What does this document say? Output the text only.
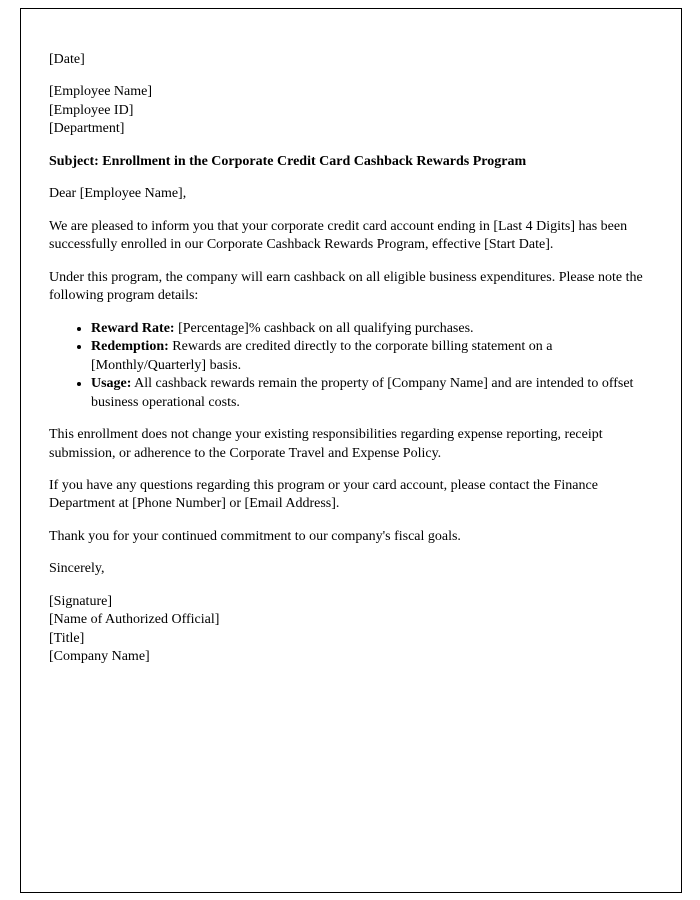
[Date]

[Employee Name]
[Employee ID]
[Department]

Subject: Enrollment in the Corporate Credit Card Cashback Rewards Program

Dear [Employee Name],

We are pleased to inform you that your corporate credit card account ending in [Last 4 Digits] has been successfully enrolled in our Corporate Cashback Rewards Program, effective [Start Date].

Under this program, the company will earn cashback on all eligible business expenditures. Please note the following program details:

• Reward Rate: [Percentage]% cashback on all qualifying purchases.
• Redemption: Rewards are credited directly to the corporate billing statement on a [Monthly/Quarterly] basis.
• Usage: All cashback rewards remain the property of [Company Name] and are intended to offset business operational costs.

This enrollment does not change your existing responsibilities regarding expense reporting, receipt submission, or adherence to the Corporate Travel and Expense Policy.

If you have any questions regarding this program or your card account, please contact the Finance Department at [Phone Number] or [Email Address].

Thank you for your continued commitment to our company's fiscal goals.

Sincerely,

[Signature]
[Name of Authorized Official]
[Title]
[Company Name]
